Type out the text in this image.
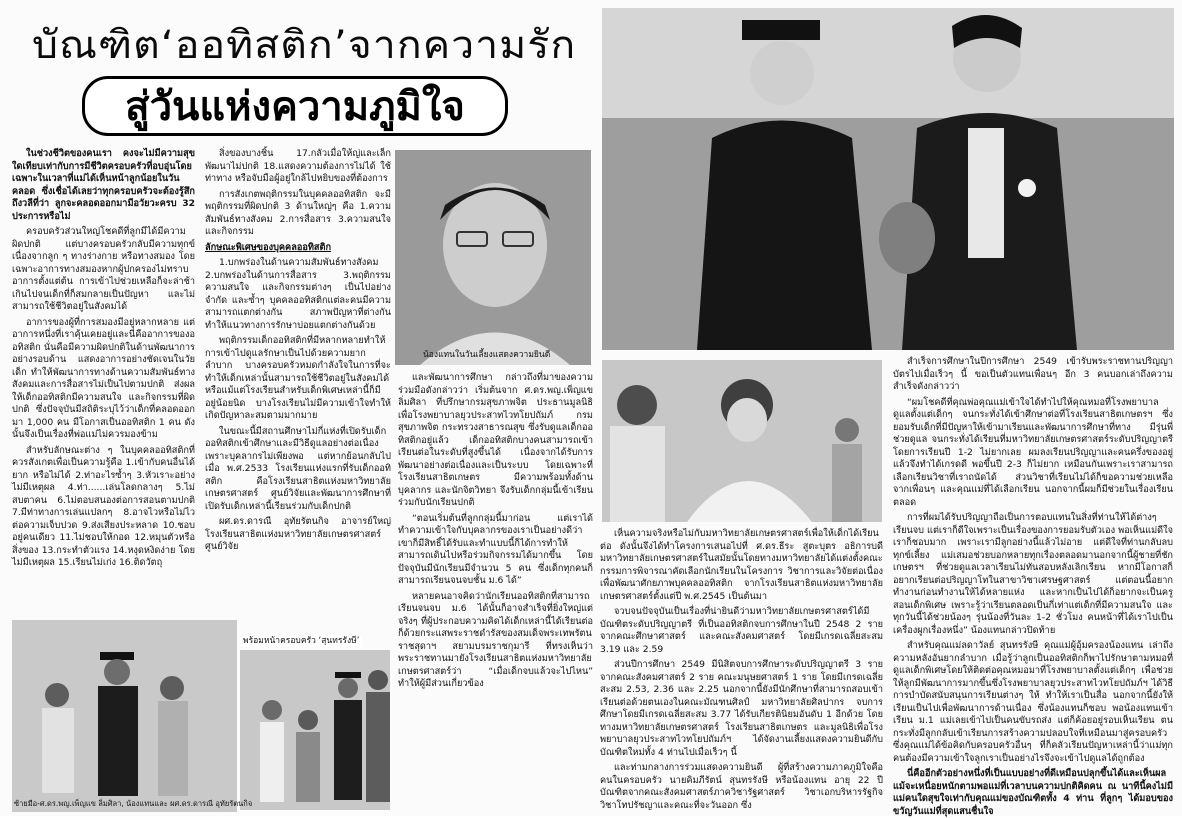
บัณฑิต‘ออทิสติก’จากความรัก
สู่วันแห่งความภูมิใจ

ในช่วงชีวิตของคนเรา คงจะไม่มีความสุขใดเทียบเท่ากับการมีชีวิตครอบครัวที่อบอุ่นโดยเฉพาะในเวลาที่แม่ได้เห็นหน้าลูกน้อยในวันคลอด ซึ่งเชื่อได้เลยว่าทุกครอบครัวจะต้องรู้สึกถึงวลีที่ว่า ลูกจะคลอดออกมามีอวัยวะครบ 32 ประการหรือไม่

ครอบครัวส่วนใหญ่โชคดีที่ลูกมีได้มีความผิดปกติ แต่บางครอบครัวกลับมีความทุกข์ เนื่องจากลูก ๆ ทางร่างกาย หรือทางสมอง โดยเฉพาะอาการทางสมองหากผู้ปกครองไม่ทราบอาการตั้งแต่ต้น การเข้าไปช่วยเหลือก็จะล่าช้าเกินไปจนเด็กที่ก็สมกลายเป็นปัญหา และไม่สามารถใช้ชีวิตอยู่ในสังคมได้

อาการของผู้ที่การสมองมีอยู่หลากหลาย แต่อาการหนึ่งที่เราคุ้นเคยอยู่และนี่คืออาการของออทิสติก นั่นคือมีความผิดปกติในด้านพัฒนาการอย่างรอบด้าน แสดงอาการอย่างชัดเจนในวัยเด็ก ทำให้พัฒนาการทางด้านความสัมพันธ์ทางสังคมและการสื่อสารไม่เป็นไปตามปกติ ส่งผลให้เด็กออทิสติกมีความสนใจ และกิจกรรมที่ผิดปกติ ซึ่งปัจจุบันมีสถิติระบุไว้ว่าเด็กที่คลอดออกมา 1,000 คน มีโอกาสเป็นออทิสติก 1 คน ดังนั้นจึงเป็นเรื่องที่พ่อแม่ไม่ควรมองข้าม

สำหรับลักษณะต่าง ๆ ในบุคคลออทิสติกที่ควรสังเกตเพื่อเป็นความรู้คือ 1.เข้ากับคนอื่นได้ยาก หรือไม่ได้ 2.ท่าอะไรซ้ำๆ 3.หัวเราะอย่างไม่มีเหตุผล 4.ท่า......เล่นโลดกลางๆ 5.ไม่สบตาคน 6.ไม่ตอบสนองต่อการสอนตามปกติ 7.มีท่าทางการเล่นแปลกๆ 8.อาจไวหรือไม่ไวต่อความเจ็บปวด 9.ส่งเสียงประหลาด 10.ชอบอยู่คนเดียว 11.ไม่ชอบให้กอด 12.หมุนตัวหรือสิ่งของ 13.กระทำตัวแรง 14.หงุดหงิดง่าย โดยไม่มีเหตุผล 15.เรียนไม่เก่ง 16.ติดวัตถุ

สิ่งของบางชิ้น 17.กลัวเมื่อให้ญ่และเล็ก พัฒนาไม่ปกติ 18.แสดงความต้องการไม่ได้ ใช้ท่าทาง หรือจับมือผู้อยู่ใกล้ไปหยิบของที่ต้องการ

การสังเกตพฤติกรรมในบุคคลออทิสติก จะมีพฤติกรรมที่ผิดปกติ 3 ด้านใหญ่ๆ คือ 1.ความสัมพันธ์ทางสังคม 2.การสื่อสาร 3.ความสนใจและกิจกรรม

ลักษณะพิเศษของบุคคลออทิสติก

1.บกพร่องในด้านความสัมพันธ์ทางสังคม 2.บกพร่องในด้านการสื่อสาร 3.พฤติกรรม ความสนใจ และกิจกรรมต่างๆ เป็นไปอย่างจำกัด และซ้ำๆ บุคคลออทิสติกแต่ละคนมีความสามารถแตกต่างกัน สภาพปัญหาที่ต่างกัน ทำให้แนวทางการรักษาบ่อยแตกต่างกันด้วย

พฤติกรรมเด็กออทิสติกที่มีหลากหลายทำให้การเข้าไปดูแลรักษาเป็นไปด้วยความยากลำบาก บางครอบครัวหมดกำลังใจในการที่จะทำให้เด็กเหล่านั้นสามารถใช้ชีวิตอยู่ในสังคมได้ หรือแม้แต่โรงเรียนสำหรับเด็กพิเศษเหล่านี้ก็มีอยู่น้อยนิด บางโรงเรียนไม่มีความเข้าใจทำให้เกิดปัญหาละสมตามมากมาย

ในขณะนี้มีสถานศึกษาไม่กี่แห่งที่เปิดรับเด็กออทิสติกเข้าศึกษาและมีวิธีดูแลอย่างต่อเนื่องเพราะบุคลากรไม่เพียงพอ แต่หากย้อนกลับไปเมื่อ พ.ศ.2533 โรงเรียนแห่งแรกที่รับเด็กออทิสติก คือโรงเรียนสาธิตแห่งมหาวิทยาลัยเกษตรศาสตร์ ศูนย์วิจัยและพัฒนาการศึกษาที่เปิดรับเด็กเหล่านี้เรียนร่วมกับเด็กปกติ

ผศ.ดร.ดารณี อุทัยรัตนกิจ อาจารย์ใหญ่โรงเรียนสาธิตแห่งมหาวิทยาลัยเกษตรศาสตร์ ศูนย์วิจัย

น้องแทนในวันเลี้ยงแสดงความยินดี

และพัฒนาการศึกษา กล่าวถึงที่มาของความร่วมมือดังกล่าวว่า เริ่มต้นจาก ศ.ดร.พญ.เพ็ญแข ลิ่มศิลา ที่ปรึกษากรมสุขภาพจิต ประธานมูลนิธิเพื่อโรงพยาบาลยุวประสาทไวทโยปถัมภ์ กรมสุขภาพจิต กระทรวงสาธารณสุข ซึ่งรับดูแลเด็กออทิสติกอยู่แล้ว เด็กออทิสติกบางคนสามารถเข้าเรียนต่อในระดับที่สูงขึ้นได้ เนื่องจากได้รับการพัฒนาอย่างต่อเนื่องและเป็นระบบ โดยเฉพาะที่โรงเรียนสาธิตเกษตร มีความพร้อมทั้งด้านบุคลากร และนักจิตวิทยา จึงรับเด็กกลุ่มนี้เข้าเรียนร่วมกับนักเรียนปกติ

“ตอนเริ่มต้นที่ลูกกลุ่มนี้มาก่อน แต่เราได้ทำความเข้าใจกับบุคลากรของเราเป็นอย่างดีว่าเขาก็มีสิทธิ์ได้รับและทำแบบนี้ก็ได้การทำให้สามารถเดินไปหรือร่วมกิจกรรมได้มากขึ้น โดยปัจจุบันมีนักเรียนมีจำนวน 5 คน ซึ่งเด็กทุกคนก็สามารถเรียนจนจบชั้น ม.6 ได้”

หลายคนอาจคิดว่านักเรียนออทิสติกที่สามารถเรียนจนจบ ม.6 ได้นั้นก็อาจสำเร็จที่ยิ่งใหญ่แต่จริงๆ ที่ผู้ประกอบความคิดได้เด็กเหล่านี้ได้เรียนต่อ ก็ด้วยกระแสพระราชดำรัสของสมเด็จพระเทพรัตนราชสุดาฯ สยามบรมราชกุมารี ที่ทรงเห็นว่าพระราชทานมายังโรงเรียนสาธิตแห่งมหาวิทยาลัยเกษตรศาสตร์ว่า “เมื่อเด็กจบแล้วจะไปไหน” ทำให้ผู้มีส่วนเกี่ยวข้อง

พร้อมหน้าครอบครัว ‘สุนทรรังษี’
ซ้ายมือ-ศ.ดร.พญ.เพ็ญแข ลิ่มศิลา, น้องแทนและ ผศ.ดร.ดารณี อุทัยรัตนกิจ

เห็นความจริงหรือไม่กับมหาวิทยาลัยเกษตรศาสตร์เพื่อให้เด็กได้เรียนต่อ ดังนั้นจึงได้ทำโครงการเสนอไปที่ ศ.ดร.ธีระ สูตะบุตร อธิการบดีมหาวิทยาลัยเกษตรศาสตร์ในสมัยนั้นโดยทางมหาวิทยาลัยได้แต่งตั้งคณะกรรมการพิจารณาคัดเลือกนักเรียนในโครงการ วิชาการและวิจัยต่อเนื่อง เพื่อพัฒนาศักยภาพบุคคลออทิสติก จากโรงเรียนสาธิตแห่งมหาวิทยาลัยเกษตรศาสตร์ตั้งแต่ปี พ.ศ.2545 เป็นต้นมา

จวบจนปัจจุบันเป็นเรื่องที่น่ายินดีว่ามหาวิทยาลัยเกษตรศาสตร์ได้มีบัณฑิตระดับปริญญาตรี ที่เป็นออทิสติกจบการศึกษาในปี 2548 2 ราย จากคณะศึกษาศาสตร์ และคณะสังคมศาสตร์ โดยมีเกรดเฉลี่ยสะสม 3.19 และ 2.59

ส่วนปีการศึกษา 2549 มีนิสิตจบการศึกษาระดับปริญญาตรี 3 ราย จากคณะสังคมศาสตร์ 2 ราย คณะมนุษยศาสตร์ 1 ราย โดยมีเกรดเฉลี่ยสะสม 2.53, 2.36 และ 2.25 นอกจากนี้ยังมีนักศึกษาที่สามารถสอบเข้าเรียนต่อด้วยตนเองในคณะมัณฑนศิลป์ มหาวิทยาลัยศิลปากร จบการศึกษาโดยมีเกรดเฉลี่ยสะสม 3.77 ได้รับเกียรตินิยมอันดับ 1 อีกด้วย โดยทางมหาวิทยาลัยเกษตรศาสตร์ โรงเรียนสาธิตเกษตร และมูลนิธิเพื่อโรงพยาบาลยุวประสาทไวทโยปถัมภ์ฯ ได้จัดงานเลี้ยงแสดงความยินดีกับบัณฑิตใหม่ทั้ง 4 ท่านไปเมื่อเร็วๆ นี้

และท่ามกลางการร่วมแสดงความยินดี ผู้ที่สร้างความภาคภูมิใจคือคนในครอบครัว นายคิมภีรัตน์ สุนทรรังษี หรือน้องแทน อายุ 22 ปี บัณฑิตจากคณะสังคมศาสตร์ภาควิชารัฐศาสตร์ วิชาเอกบริหารรัฐกิจ วิชาโทปรัชญาและคณะที่จะวันออก ซึ่ง

สำเร็จการศึกษาในปีการศึกษา 2549 เข้ารับพระราชทานปริญญาบัตรไปเมื่อเร็วๆ นี้ ขอเป็นตัวแทนเพื่อนๆ อีก 3 คนบอกเล่าถึงความสำเร็จดังกล่าวว่า

“ผมโชคดีที่คุณพ่อคุณแม่เข้าใจได้ทำไปให้คุณหมอที่โรงพยาบาลดูแลตั้งแต่เด็กๆ จนกระทั่งได้เข้าศึกษาต่อที่โรงเรียนสาธิตเกษตรฯ ซึ่งยอมรับเด็กที่มีปัญหาให้เข้ามาเรียนและพัฒนาการศึกษาที่ทาง มีรุ่นพี่ช่วยดูแล จนกระทั่งได้เรียนที่มหาวิทยาลัยเกษตรศาสตร์ระดับปริญญาตรี โดยการเรียนปี 1-2 ไม่ยากเลย ผมลงเรียนปริญญาและคนครึ่งของอยู่แล้วจึงทำได้เกรดดี พอขึ้นปี 2-3 ก็ไม่ยาก เหมือนกันเพราะเราสามารถเลือกเรียนวิชาที่เราถนัดได้ ส่วนวิชาที่เรียนไม่ได้ก็ขอความช่วยเหลือจากเพื่อนๆ และคุณแม่ที่ได้เลือกเรียน นอกจากนี้ผมก็มีช่วยในเรื่องเรียนตลอด

การที่ผมได้รับปริญญาถือเป็นการตอบแทนในสิ่งที่ท่านให้ได้ต่างๆ เรียนจบ แต่เราก็ดีใจเพราะเป็นเรื่องของการยอมรับตัวเอง พอเห็นแม่ดีใจเราก็ชอบมาก เพราะเรามีลูกอย่างนี้แล้วไม่อาย แต่ดีใจที่ท่านกลับลบทุกข์เลี้ยง แม่เสมอช่วยบอกหลายทุกเรื่องตลอดมานอกจากนี้ผู้ชายที่ชักเกษตรฯ ที่ช่วยดูแลเวลาเรียนไม่ทันสอบหลังเลิกเรียน หากมีโอกาสก็อยากเรียนต่อปริญญาโทในสาขาวิชาเศรษฐศาสตร์ แต่ตอนนี้อยากทำงานก่อนทำงานให้ได้หลายแห่ง และหากเป็นไปได้ก็อยากจะเป็นครูสอนเด็กพิเศษ เพราะรู้ว่าเรียนตลอดเป็นกี่เท่าแต่เด็กที่มีความสนใจ และทุกวันนี้ได้ช่วยน้องๆ รุ่นน้องที่วันละ 1-2 ชั่วโมง คนหน้าที่ได้เราไปเป็นเครื่องผูกเรื่องหนึ่ง” น้องแทนกล่าวปิดท้าย

สำหรับคุณแม่ลดาวัลย์ สุนทรรังษี คุณแม่ผู้อุ้มครองน้องแทน เล่าถึงความหลังอันยากลำบาก เมื่อรู้ว่าลูกเป็นออทิสติกก็พาไปรักษาตามหมอที่ดูแลเด็กพิเศษโดยให้ติดต่อคุณหมอมาที่โรงพยาบาลตั้งแต่เด็กๆ เพื่อช่วยให้ลูกมีพัฒนาการมากขึ้นซึ่งโรงพยาบาลยุวประสาทไวทโยปถัมภ์ฯ ได้วิธีการบำบัดสนับสนุนการเรียนต่างๆ ให้ ทำให้เราเป็นสื่อ นอกจากนี้ยังให้เรียนเป็นไปเพื่อพัฒนาการด้านเนื่อง ซึ่งน้องแทนก็ชอบ พอน้องแทนเข้าเรียน ม.1 แม่เลยเข้าไปเป็นคนขับรถส่ง แต่ก็ค้อยอยู่รอบเห็นเรียน ตนกระทั่งมีลูกกลับเข้าเรียนการสร้างความปลอบใจที่เหมือนมาสู่ครอบครัว ซึ่งคุณแม่ได้ข้อคิดกับครอบครัวอื่นๆ ที่ก็คลัวเรียนปัญหาเหล่านี้ว่าแม่ทุกคนต้องมีความเข้าใจลูกเราเป็นอย่างไรจึงจะเข้าไปดูแลได้ถูกต้อง

นี่คืออีกตัวอย่างหนึ่งที่เป็นแบบอย่างที่ดีเหมือนปลุกขึ้นได้และเห็นผล แม้จะเหนื่อยหนักตามพอแม่ที่เวลาบนความปกติคิดคน ณ นาทีนี้คงไม่มีแม่คนใดสุขใจเท่ากับคุณแม่ของบัณฑิตทั้ง 4 ท่าน ที่ลูกๆ ได้มอบของขวัญวันแม่ที่สุดแสนชื่นใจ
